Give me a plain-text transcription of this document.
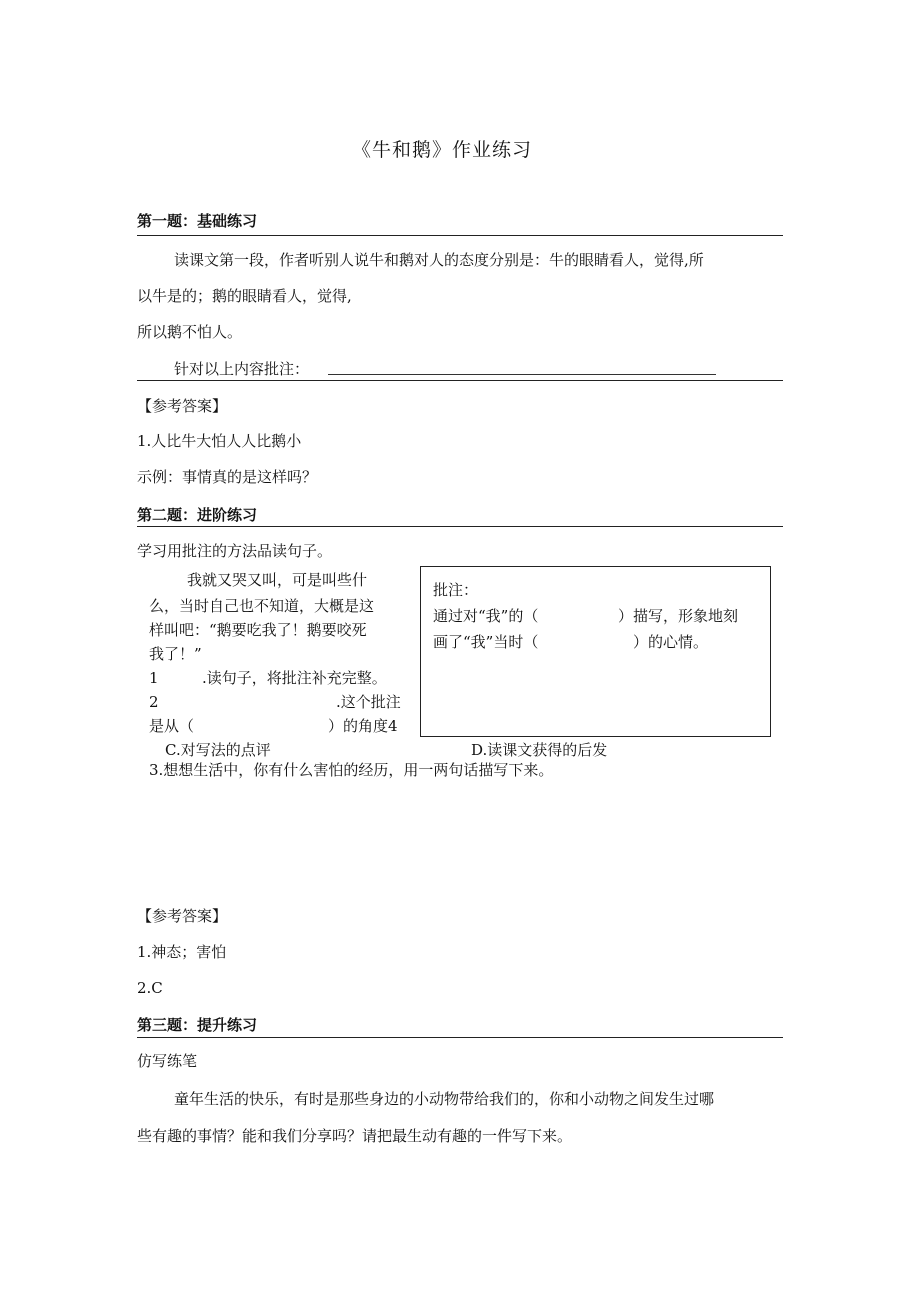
《牛和鹅》作业练习
第一题：基础练习
读课文第一段，作者听别人说牛和鹅对人的态度分别是：牛的眼睛看人，觉得,所
以牛是的；鹅的眼睛看人，觉得,
所以鹅不怕人。
针对以上内容批注：
【参考答案】
1.人比牛大怕人人比鹅小
示例：事情真的是这样吗？
第二题：进阶练习
学习用批注的方法品读句子。
我就又哭又叫，可是叫些什
么，当时自己也不知道，大概是这
样叫吧：“鹅要吃我了！鹅要咬死
我了！”
1	.读句子，将批注补充完整。
2	.这个批注
是从（	）的角度4
批注：
通过对“我”的（	）描写，形象地刻
画了“我”当时（	）的心情。
C.对写法的点评	D.读课文获得的后发
3.想想生活中，你有什么害怕的经历，用一两句话描写下来。
【参考答案】
1.神态；害怕
2.C
第三题：提升练习
仿写练笔
童年生活的快乐，有时是那些身边的小动物带给我们的，你和小动物之间发生过哪
些有趣的事情？能和我们分享吗？请把最生动有趣的一件写下来。
